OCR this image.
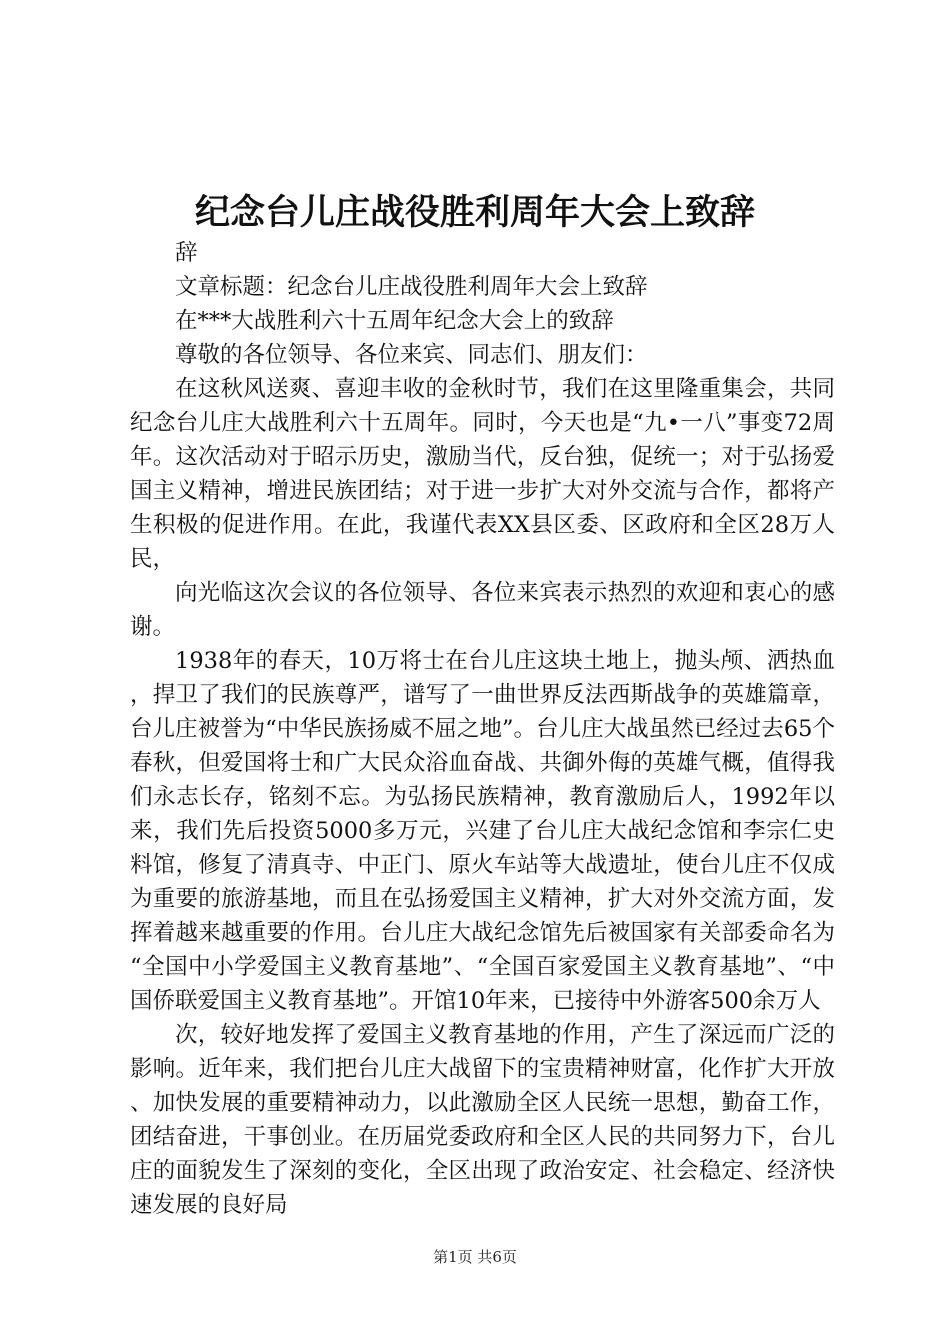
纪念台儿庄战役胜利周年大会上致辞

辞

文章标题：纪念台儿庄战役胜利周年大会上致辞

在***大战胜利六十五周年纪念大会上的致辞

尊敬的各位领导、各位来宾、同志们、朋友们：

在这秋风送爽、喜迎丰收的金秋时节，我们在这里隆重集会，共同纪念台儿庄大战胜利六十五周年。同时，今天也是“九•一八”事变72周年。这次活动对于昭示历史，激励当代，反台独，促统一；对于弘扬爱国主义精神，增进民族团结；对于进一步扩大对外交流与合作，都将产生积极的促进作用。在此，我谨代表XX县区委、区政府和全区28万人民，

向光临这次会议的各位领导、各位来宾表示热烈的欢迎和衷心的感谢。

1938年的春天，10万将士在台儿庄这块土地上，抛头颅、洒热血，捍卫了我们的民族尊严，谱写了一曲世界反法西斯战争的英雄篇章，台儿庄被誉为“中华民族扬威不屈之地”。台儿庄大战虽然已经过去65个春秋，但爱国将士和广大民众浴血奋战、共御外侮的英雄气概，值得我们永志长存，铭刻不忘。为弘扬民族精神，教育激励后人，1992年以来，我们先后投资5000多万元，兴建了台儿庄大战纪念馆和李宗仁史料馆，修复了清真寺、中正门、原火车站等大战遗址，使台儿庄不仅成为重要的旅游基地，而且在弘扬爱国主义精神，扩大对外交流方面，发挥着越来越重要的作用。台儿庄大战纪念馆先后被国家有关部委命名为“全国中小学爱国主义教育基地”、“全国百家爱国主义教育基地”、“中国侨联爱国主义教育基地”。开馆10年来，已接待中外游客500余万人

次，较好地发挥了爱国主义教育基地的作用，产生了深远而广泛的影响。近年来，我们把台儿庄大战留下的宝贵精神财富，化作扩大开放、加快发展的重要精神动力，以此激励全区人民统一思想，勤奋工作，团结奋进，干事创业。在历届党委政府和全区人民的共同努力下，台儿庄的面貌发生了深刻的变化，全区出现了政治安定、社会稳定、经济快速发展的良好局

第1页 共6页
